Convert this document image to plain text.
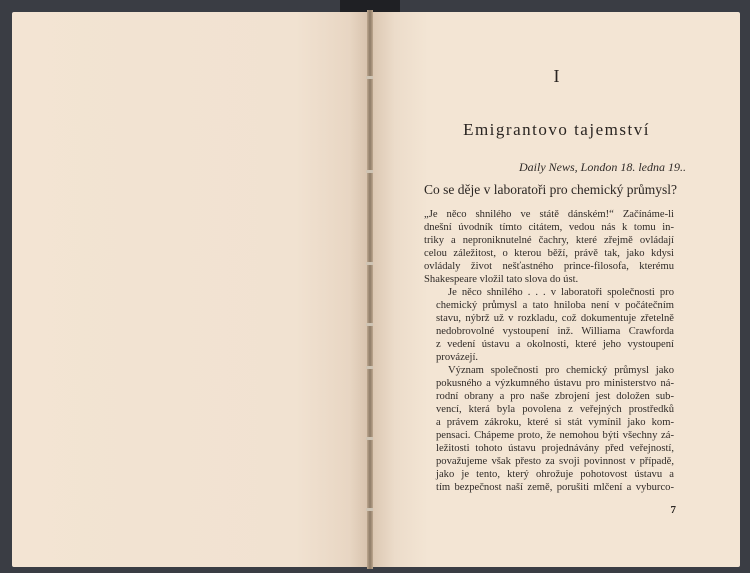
I
Emigrantovo tajemství
Daily News, London 18. ledna 19..
Co se děje v laboratoři pro chemický průmysl?

„Je něco shnilého ve státě dánském!“ Začínáme-li
dnešní úvodník tímto citátem, vedou nás k tomu in-
triky a neproniknutelné čachry, které zřejmě ovládají
celou záležitost, o kterou běží, právě tak, jako kdysi
ovládaly život nešťastného prince-filosofa, kterému
Shakespeare vložil tato slova do úst.

Je něco shnilého . . . v laboratoři společnosti pro
chemický průmysl a tato hniloba není v počátečním
stavu, nýbrž už v rozkladu, což dokumentuje zřetelně
nedobrovolné vystoupení inž. Williama Crawforda
z vedení ústavu a okolnosti, které jeho vystoupení
provázejí.

Význam společnosti pro chemický průmysl jako
pokusného a výzkumného ústavu pro ministerstvo ná-
rodní obrany a pro naše zbrojení jest doložen sub-
vencí, která byla povolena z veřejných prostředků
a právem zákroku, které si stát vymínil jako kom-
pensaci. Chápeme proto, že nemohou býti všechny zá-
ležitosti tohoto ústavu projednávány před veřejností,
považujeme však přesto za svoji povinnost v případě,
jako je tento, který ohrožuje pohotovost ústavu a
tím bezpečnost naší země, porušiti mlčení a vyburco-

7
